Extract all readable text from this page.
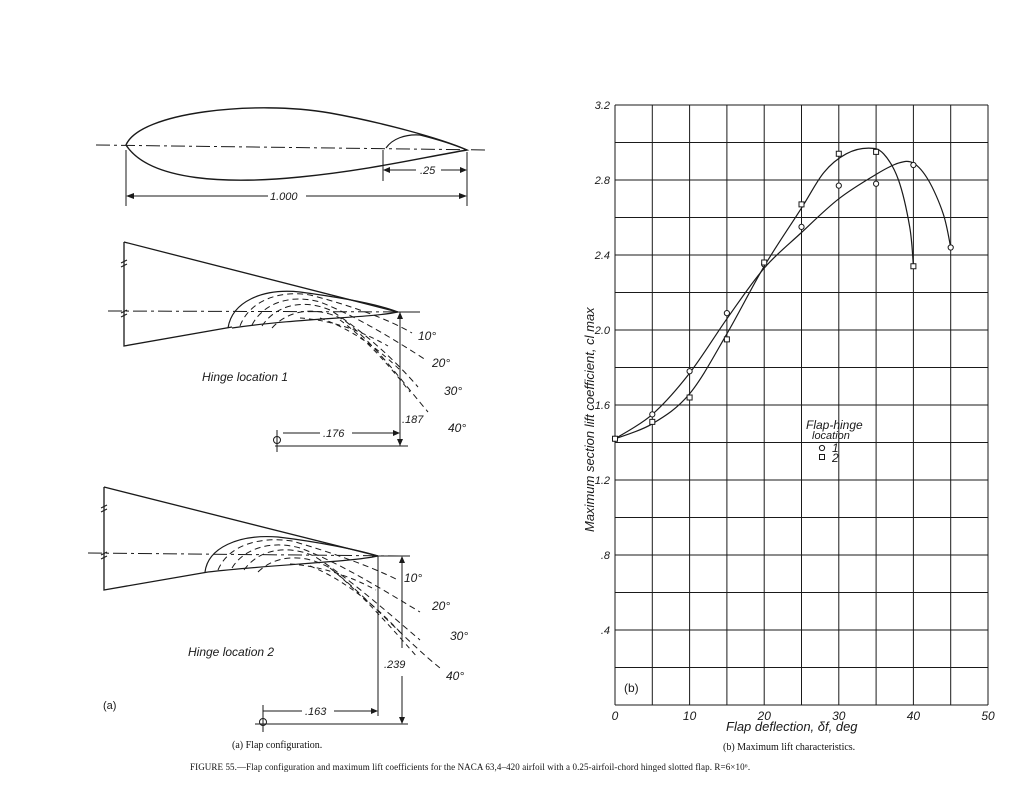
1.000
.25
10°
20°
30°
40°
Hinge location 1
.176
.187
10°
20°
30°
40°
Hinge location 2
.163
.239
(a)
0	10	20	30	40	50
.4
.8
1.2
1.6
2.0
2.4
2.8
3.2
(b)
Flap-hinge
location
1
2
Flap deflection, δf, deg
Maximum section lift coefficient, cl max
(a) Flap configuration.	(b) Maximum lift characteristics.
FIGURE 55.—Flap configuration and maximum lift coefficients for the NACA 63,4–420 airfoil with a 0.25-airfoil-chord hinged slotted flap. R=6×10⁶.
